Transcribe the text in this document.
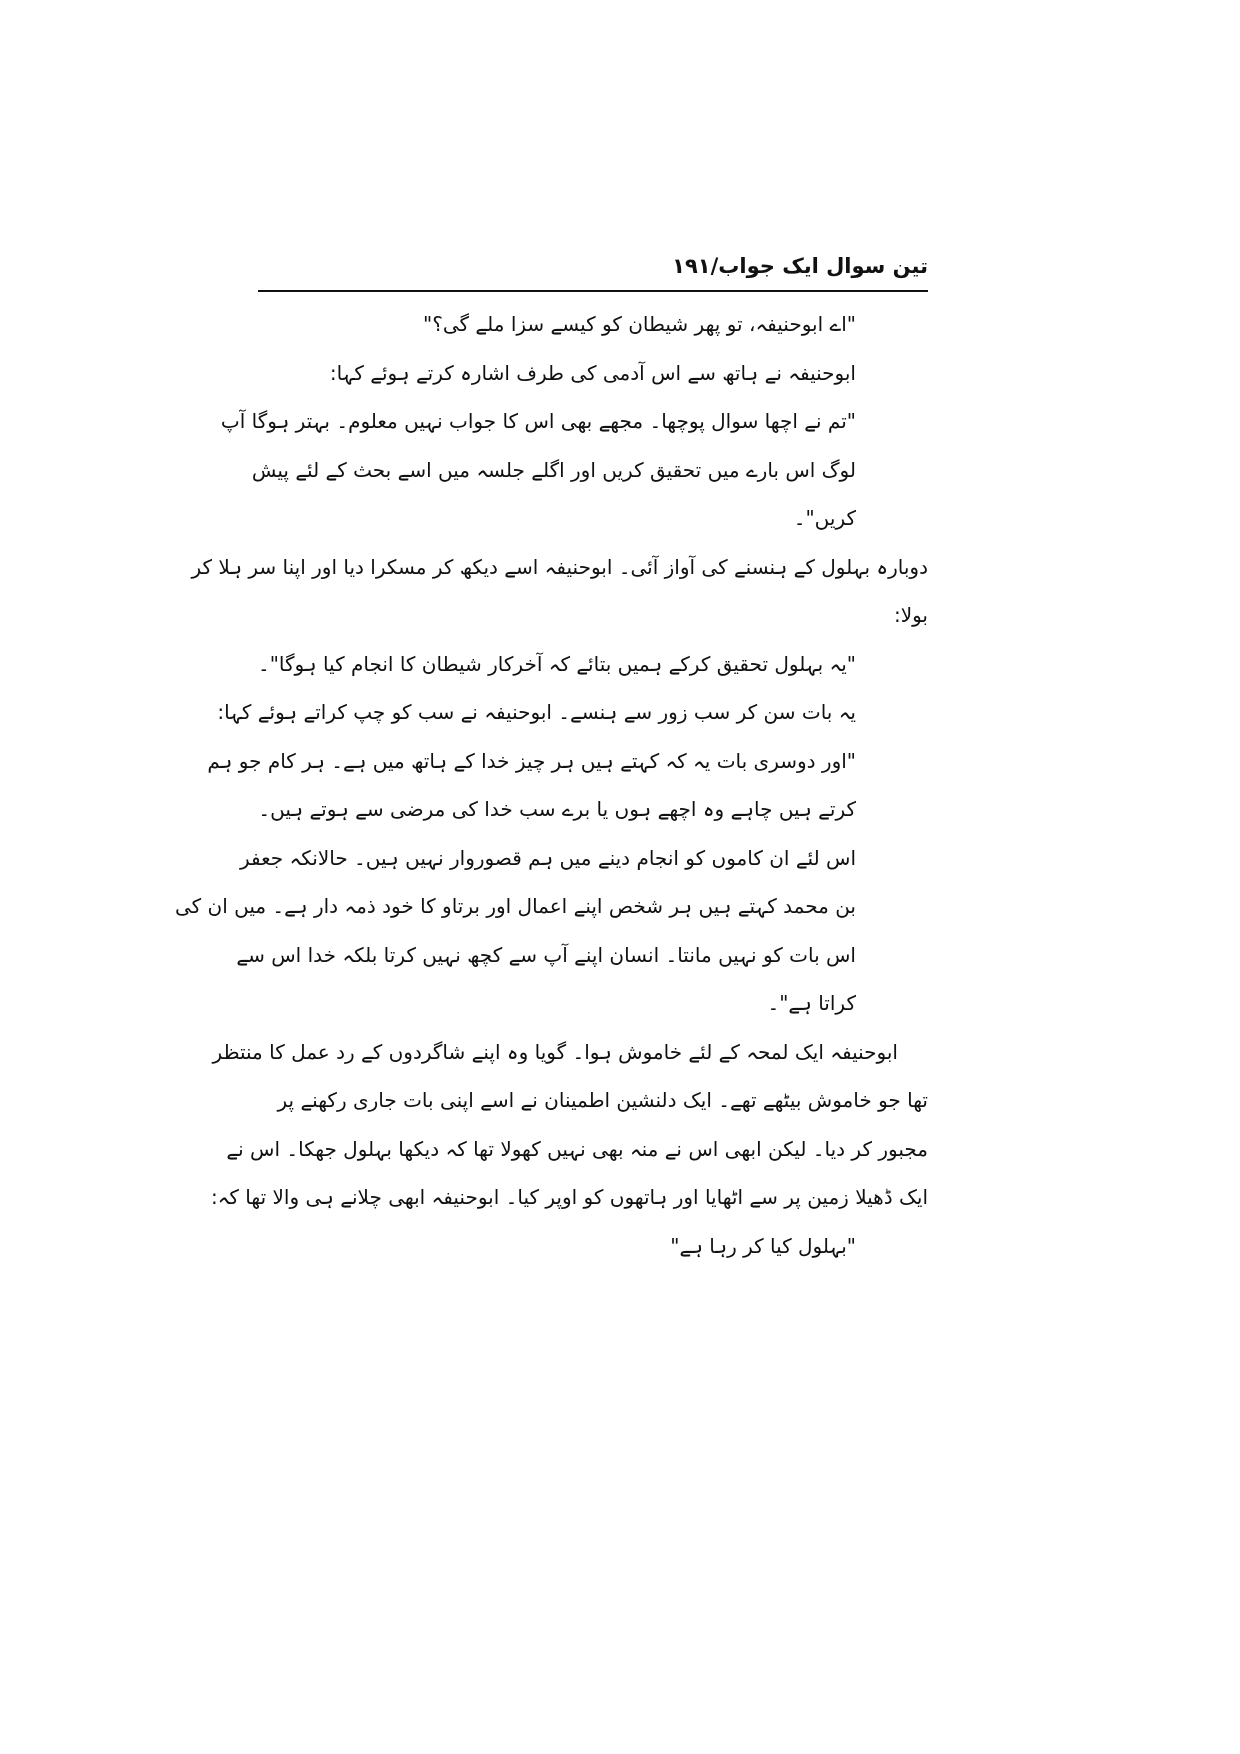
تین سوال ایک جواب/۱۹۱
"اے ابوحنیفہ، تو پھر شیطان کو کیسے سزا ملے گی؟"
ابوحنیفہ نے ہاتھ سے اس آدمی کی طرف اشارہ کرتے ہوئے کہا:
"تم نے اچھا سوال پوچھا۔ مجھے بھی اس کا جواب نہیں معلوم۔ بہتر ہوگا آپ
لوگ اس بارے میں تحقیق کریں اور اگلے جلسہ میں اسے بحث کے لئے پیش
کریں"۔
دوبارہ بہلول کے ہنسنے کی آواز آئی۔ ابوحنیفہ اسے دیکھ کر مسکرا دیا اور اپنا سر ہلا کر
بولا:
"یہ بہلول تحقیق کرکے ہمیں بتائے کہ آخرکار شیطان کا انجام کیا ہوگا"۔
یہ بات سن کر سب زور سے ہنسے۔ ابوحنیفہ نے سب کو چپ کراتے ہوئے کہا:
"اور دوسری بات یہ کہ کہتے ہیں ہر چیز خدا کے ہاتھ میں ہے۔ ہر کام جو ہم
کرتے ہیں چاہے وہ اچھے ہوں یا برے سب خدا کی مرضی سے ہوتے ہیں۔
اس لئے ان کاموں کو انجام دینے میں ہم قصوروار نہیں ہیں۔ حالانکہ جعفر
بن محمد کہتے ہیں ہر شخص اپنے اعمال اور برتاو کا خود ذمہ دار ہے۔ میں ان کی
اس بات کو نہیں مانتا۔ انسان اپنے آپ سے کچھ نہیں کرتا بلکہ خدا اس سے
کراتا ہے"۔
ابوحنیفہ ایک لمحہ کے لئے خاموش ہوا۔ گویا وہ اپنے شاگردوں کے رد عمل کا منتظر
تھا جو خاموش بیٹھے تھے۔ ایک دلنشین اطمینان نے اسے اپنی بات جاری رکھنے پر
مجبور کر دیا۔ لیکن ابھی اس نے منہ بھی نہیں کھولا تھا کہ دیکھا بہلول جھکا۔ اس نے
ایک ڈھیلا زمین پر سے اٹھایا اور ہاتھوں کو اوپر کیا۔ ابوحنیفہ ابھی چلانے ہی والا تھا کہ:
"بہلول کیا کر رہا ہے"
